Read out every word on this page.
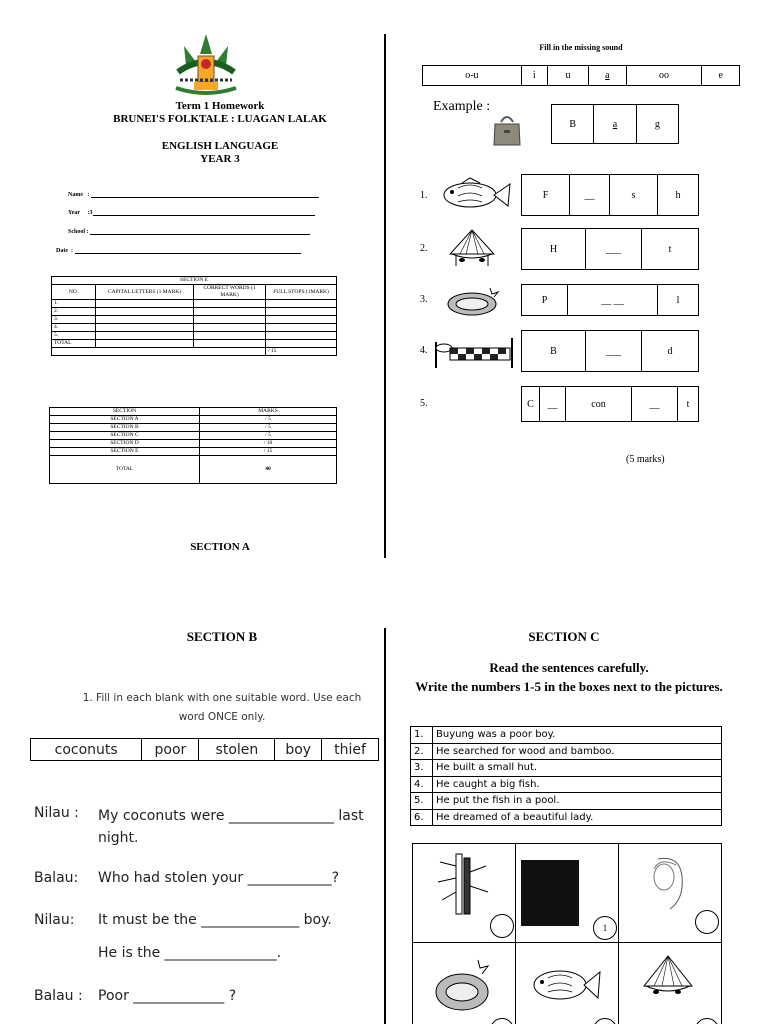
Term 1 Homework
BRUNEI'S FOLKTALE : LUAGAN LALAK
ENGLISH LANGUAGE
YEAR 3
Name   :
Year     :3
School :
Date  :
SECTION E			
NO.	CAPITAL LETTERS (1 MARK)	CORRECT WORDS (1 MARK)	FULL STOPS (1MARK)
1.			
2.			
3.			
4.			
5.			
TOTAL			
			/ 15
SECTION	MARKS
SECTION A	/ 5
SECTION B	/ 5
SECTION C	/ 5
SECTION D	/ 10
SECTION E	/ 15
TOTAL	40
SECTION A
Fill in the missing sound
o-u	i	u	a	oo	e
Example :
B	a	g
1.	F	__	s	h
2.	H	___	t
3.	P	__ __	l
4.	B	___	d
5.	C	__	con	__	t
(5 marks)
SECTION B
1. Fill in each blank with one suitable word. Use each word ONCE only.
coconuts	poor	stolen	boy	thief
Nilau : My coconuts were _______________ last night.
Balau: Who had stolen your ____________?
Nilau: It must be the ______________ boy.
He is the ________________.
Balau : Poor _____________ ?
SECTION C
Read the sentences carefully.
Write the numbers 1-5 in the boxes next to the pictures.
1.	Buyung was a poor boy.
2.	He searched for wood and bamboo.
3.	He built a small hut.
4.	He caught a big fish.
5.	He put the fish in a pool.
6.	He dreamed of a beautiful lady.
1
